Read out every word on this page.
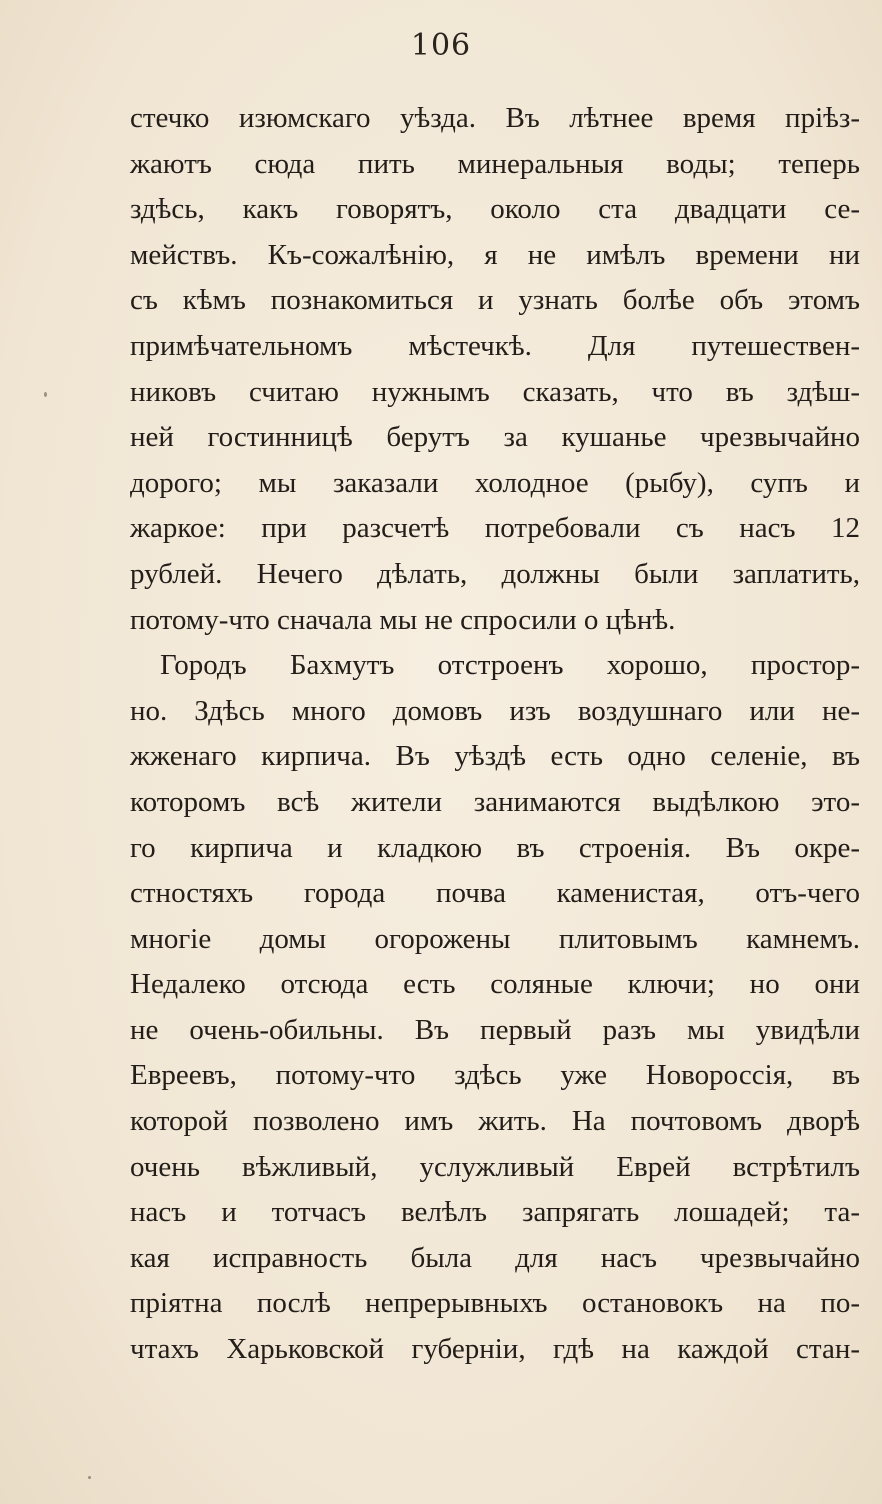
106
стечко изюмскаго уѣзда. Въ лѣтнее время пріѣз-
жаютъ сюда пить минеральныя воды; теперь
здѣсь, какъ говорятъ, около ста двадцати се-
мействъ. Къ-сожалѣнію, я не имѣлъ времени ни
съ кѣмъ познакомиться и узнать болѣе объ этомъ
примѣчательномъ мѣстечкѣ. Для путешествен-
никовъ считаю нужнымъ сказать, что въ здѣш-
ней гостинницѣ берутъ за кушанье чрезвычайно
дорого; мы заказали холодное (рыбу), супъ и
жаркое: при разсчетѣ потребовали съ насъ 12
рублей. Нечего дѣлать, должны были заплатить,
потому-что сначала мы не спросили о цѣнѣ.
Городъ Бахмутъ отстроенъ хорошо, простор-
но. Здѣсь много домовъ изъ воздушнаго или не-
жженаго кирпича. Въ уѣздѣ есть одно селеніе, въ
которомъ всѣ жители занимаются выдѣлкою это-
го кирпича и кладкою въ строенія. Въ окре-
стностяхъ города почва каменистая, отъ-чего
многіе домы огорожены плитовымъ камнемъ.
Недалеко отсюда есть соляные ключи; но они
не очень-обильны. Въ первый разъ мы увидѣли
Евреевъ, потому-что здѣсь уже Новороссія, въ
которой позволено имъ жить. На почтовомъ дворѣ
очень вѣжливый, услужливый Еврей встрѣтилъ
насъ и тотчасъ велѣлъ запрягать лошадей; та-
кая исправность была для насъ чрезвычайно
пріятна послѣ непрерывныхъ остановокъ на по-
чтахъ Харьковской губерніи, гдѣ на каждой стан-
